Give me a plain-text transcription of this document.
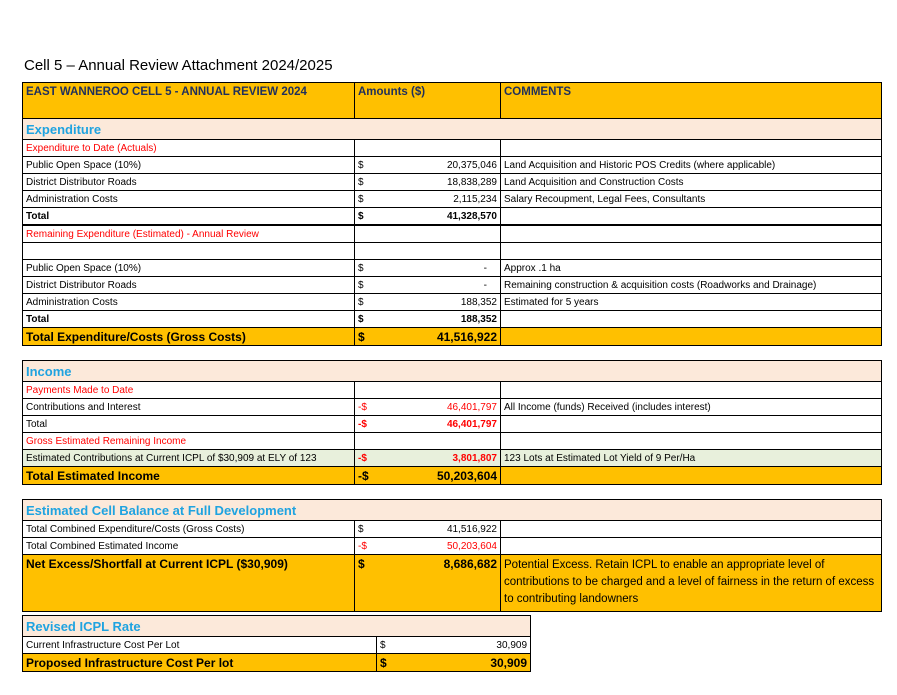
Cell 5 – Annual Review Attachment 2024/2025
EAST WANNEROO CELL 5 - ANNUAL REVIEW 2024	Amounts ($)	COMMENTS
Expenditure		
Expenditure to Date (Actuals)		
Public Open Space (10%)	$ 20,375,046	Land Acquisition and Historic POS Credits (where applicable)
District Distributor Roads	$ 18,838,289	Land Acquisition and Construction Costs
Administration Costs	$ 2,115,234	Salary Recoupment, Legal Fees, Consultants
Total	$ 41,328,570	

Remaining Expenditure (Estimated) - Annual Review		

Public Open Space (10%)	$ -	Approx .1 ha
District Distributor Roads	$ -	Remaining construction & acquisition costs (Roadworks and Drainage)
Administration Costs	$ 188,352	Estimated for 5 years
Total	$ 188,352	

Total Expenditure/Costs (Gross Costs)	$ 41,516,922	

Income		
Payments Made to Date		
Contributions and Interest	-$ 46,401,797	All Income (funds) Received (includes interest)
Total	-$ 46,401,797	

Gross Estimated Remaining Income		
Estimated Contributions at Current ICPL of $30,909 at ELY of 123	-$ 3,801,807	123 Lots at Estimated Lot Yield of 9 Per/Ha
Total Estimated Income	-$ 50,203,604	

Estimated Cell Balance at Full Development		
Total Combined Expenditure/Costs (Gross Costs)	$ 41,516,922	

Total Combined Estimated Income	-$ 50,203,604	

Net Excess/Shortfall at Current ICPL ($30,909)	$ 8,686,682	Potential Excess. Retain ICPL to enable an appropriate level of contributions to be charged and a level of fairness in the return of excess to contributing landowners
Revised ICPL Rate	
Current Infrastructure Cost Per Lot	$ 30,909

Proposed Infrastructure Cost Per lot	$ 30,909
